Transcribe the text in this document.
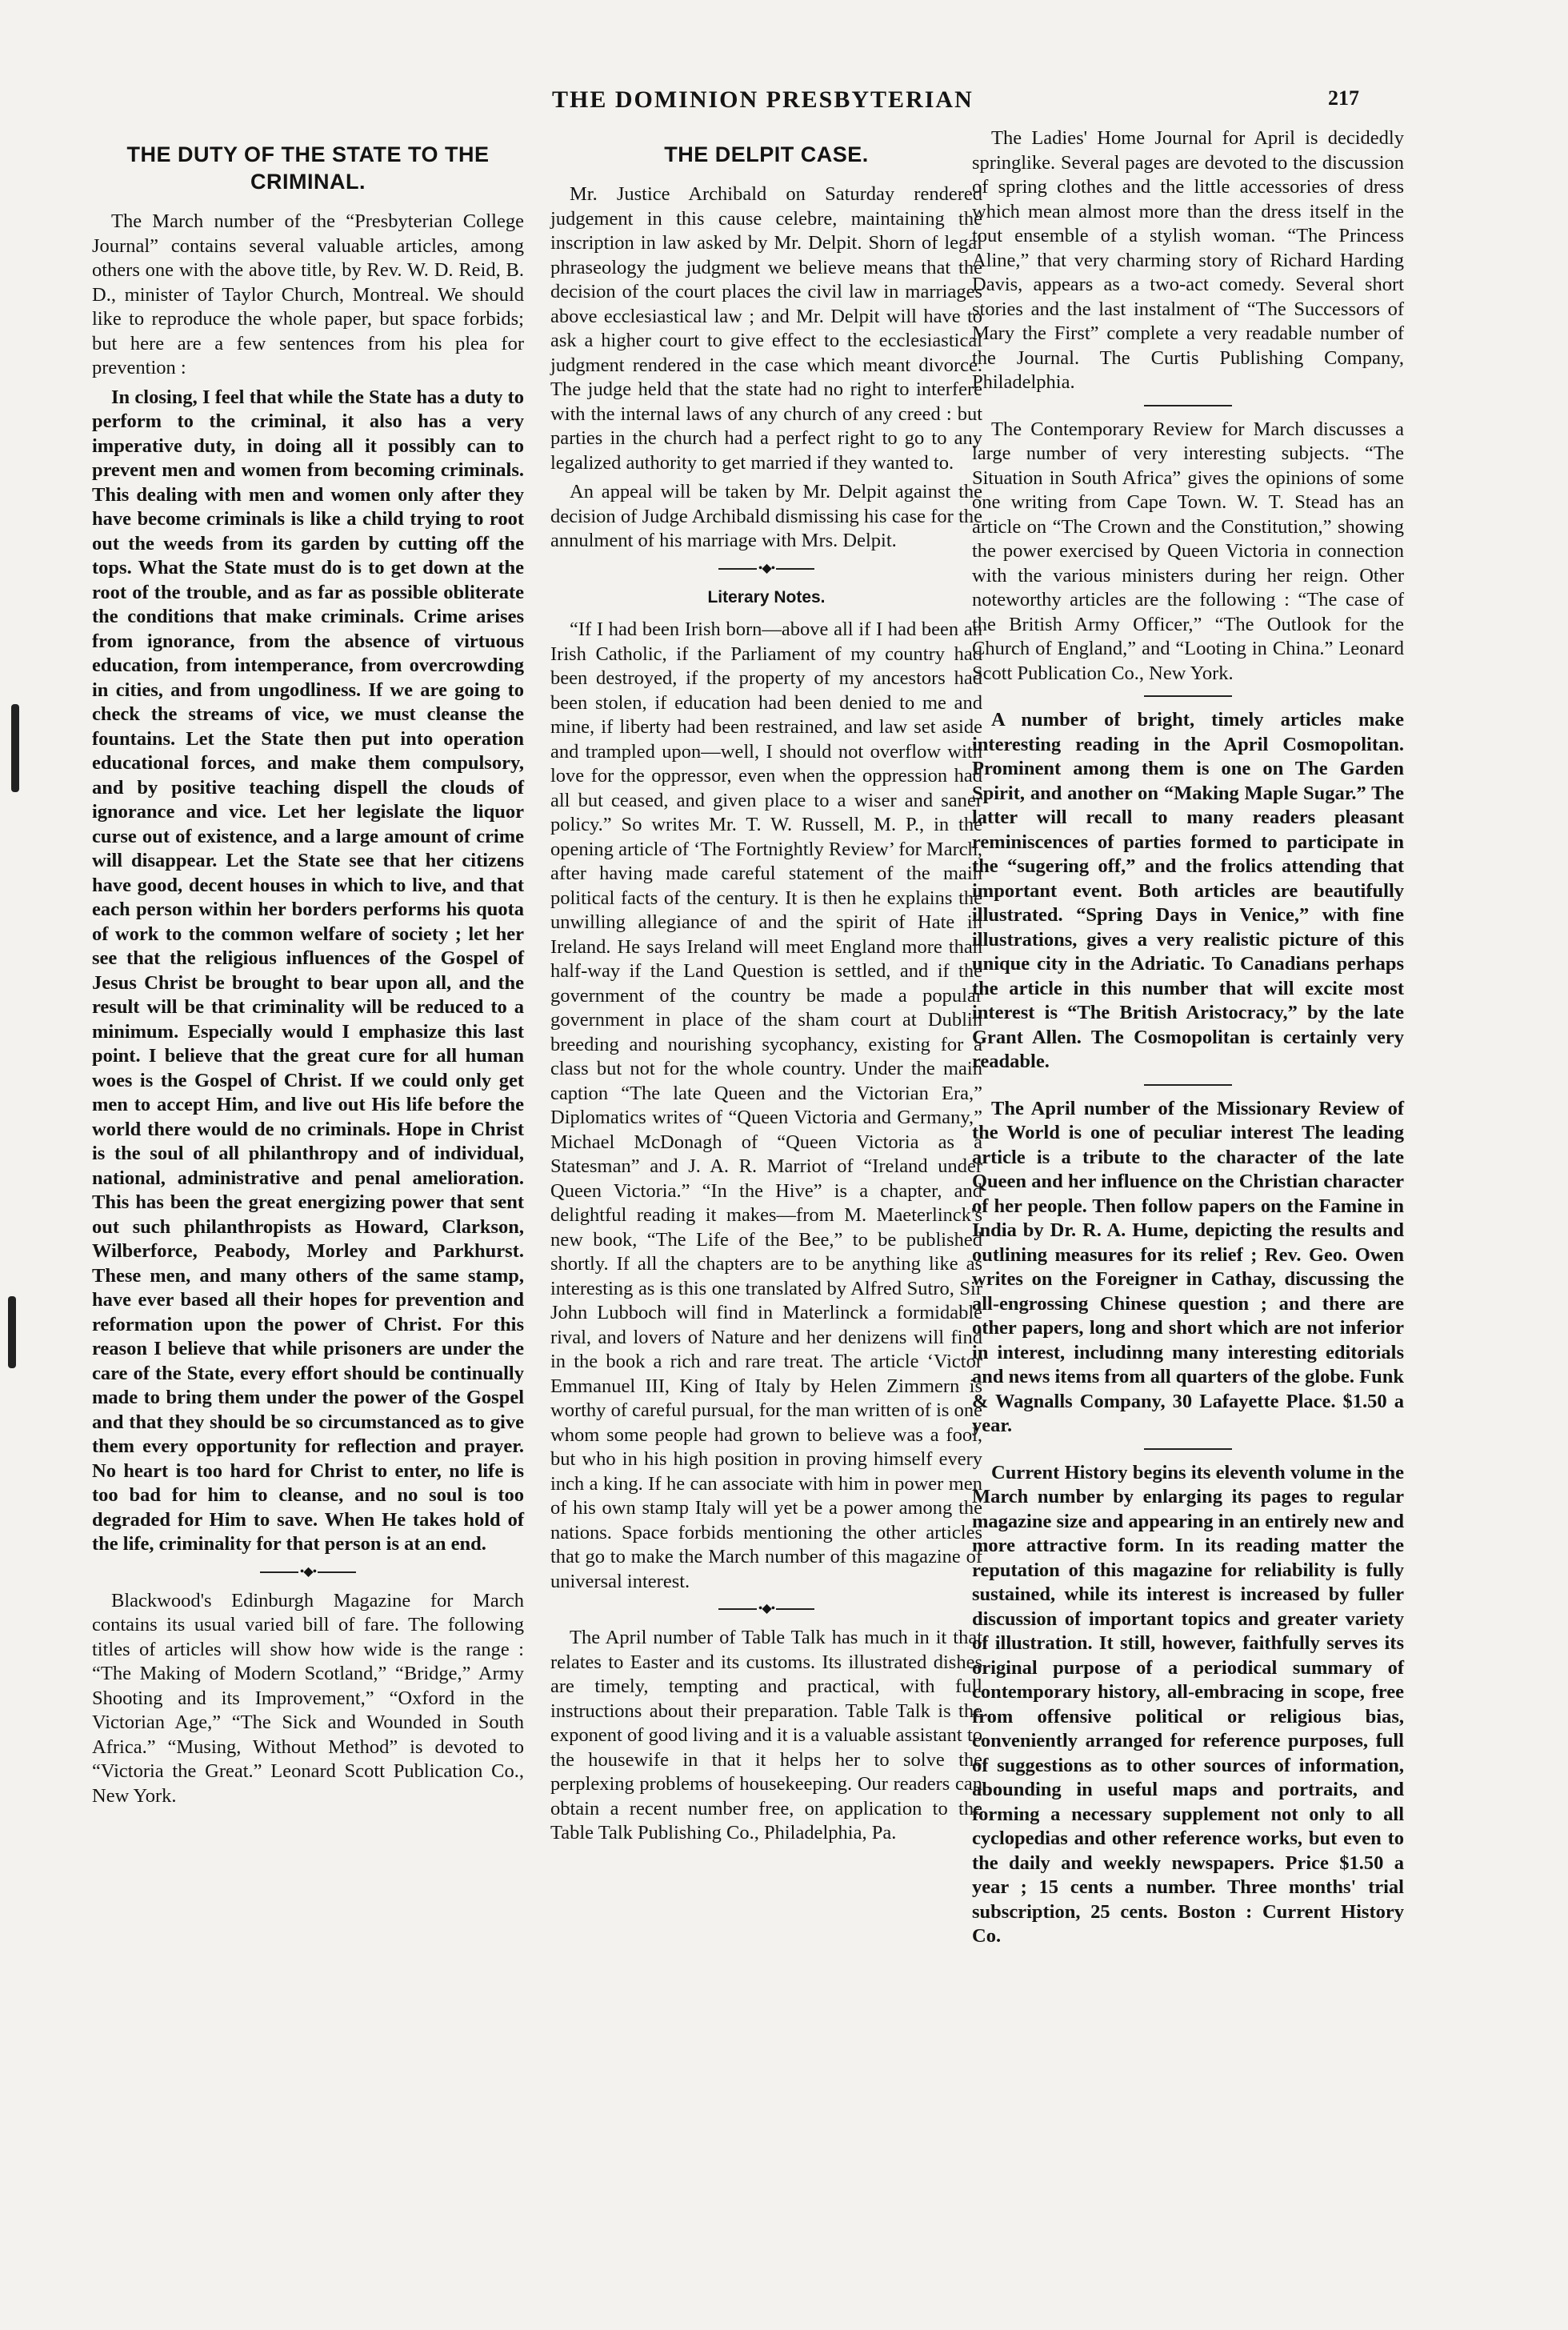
THE DOMINION PRESBYTERIAN	217
THE DUTY OF THE STATE TO THE CRIMINAL.

The March number of the “Presbyterian College Journal” contains several valuable articles, among others one with the above title, by Rev. W. D. Reid, B. D., minister of Taylor Church, Montreal. We should like to reproduce the whole paper, but space forbids; but here are a few sentences from his plea for prevention :

In closing, I feel that while the State has a duty to perform to the criminal, it also has a very imperative duty, in doing all it possibly can to prevent men and women from becoming criminals. This dealing with men and women only after they have become criminals is like a child trying to root out the weeds from its garden by cutting off the tops. What the State must do is to get down at the root of the trouble, and as far as possible obliterate the conditions that make criminals. Crime arises from ignorance, from the absence of virtuous education, from intemperance, from overcrowding in cities, and from ungodliness. If we are going to check the streams of vice, we must cleanse the fountains. Let the State then put into operation educational forces, and make them compulsory, and by positive teaching dispell the clouds of ignorance and vice. Let her legislate the liquor curse out of existence, and a large amount of crime will disappear. Let the State see that her citizens have good, decent houses in which to live, and that each person within her borders performs his quota of work to the common welfare of society ; let her see that the religious influences of the Gospel of Jesus Christ be brought to bear upon all, and the result will be that criminality will be reduced to a minimum. Especially would I emphasize this last point. I believe that the great cure for all human woes is the Gospel of Christ. If we could only get men to accept Him, and live out His life before the world there would de no criminals. Hope in Christ is the soul of all philanthropy and of individual, national, administrative and penal amelioration. This has been the great energizing power that sent out such philanthropists as Howard, Clarkson, Wilberforce, Peabody, Morley and Parkhurst. These men, and many others of the same stamp, have ever based all their hopes for prevention and reformation upon the power of Christ. For this reason I believe that while prisoners are under the care of the State, every effort should be continually made to bring them under the power of the Gospel and that they should be so circumstanced as to give them every opportunity for reflection and prayer. No heart is too hard for Christ to enter, no life is too bad for him to cleanse, and no soul is too degraded for Him to save. When He takes hold of the life, criminality for that person is at an end.

•◆•

Blackwood's Edinburgh Magazine for March contains its usual varied bill of fare. The following titles of articles will show how wide is the range : “The Making of Modern Scotland,” “Bridge,” Army Shooting and its Improvement,” “Oxford in the Victorian Age,” “The Sick and Wounded in South Africa.” “Musing, Without Method” is devoted to “Victoria the Great.” Leonard Scott Publication Co., New York.

THE DELPIT CASE.

Mr. Justice Archibald on Saturday rendered judgement in this cause celebre, maintaining the inscription in law asked by Mr. Delpit. Shorn of legal phraseology the judgment we believe means that the decision of the court places the civil law in marriages above ecclesiastical law ; and Mr. Delpit will have to ask a higher court to give effect to the ecclesiastical judgment rendered in the case which meant divorce. The judge held that the state had no right to interfere with the internal laws of any church of any creed : but parties in the church had a perfect right to go to any legalized authority to get married if they wanted to.

An appeal will be taken by Mr. Delpit against the decision of Judge Archibald dismissing his case for the annulment of his marriage with Mrs. Delpit.

•◆•
Literary Notes.

“If I had been Irish born—above all if I had been an Irish Catholic, if the Parliament of my country had been destroyed, if the property of my ancestors had been stolen, if education had been denied to me and mine, if liberty had been restrained, and law set aside and trampled upon—well, I should not overflow with love for the oppressor, even when the oppression had all but ceased, and given place to a wiser and saner policy.” So writes Mr. T. W. Russell, M. P., in the opening article of ‘The Fortnightly Review’ for March, after having made careful statement of the main political facts of the century. It is then he explains the unwilling allegiance of and the spirit of Hate in Ireland. He says Ireland will meet England more than half-way if the Land Question is settled, and if the government of the country be made a popular government in place of the sham court at Dublin breeding and nourishing sycophancy, existing for a class but not for the whole country. Under the main caption “The late Queen and the Victorian Era,” Diplomatics writes of “Queen Victoria and Germany,” Michael McDonagh of “Queen Victoria as a Statesman” and J. A. R. Marriot of “Ireland under Queen Victoria.” “In the Hive” is a chapter, and delightful reading it makes—from M. Maeterlinck's new book, “The Life of the Bee,” to be published shortly. If all the chapters are to be anything like as interesting as is this one translated by Alfred Sutro, Sir John Lubboch will find in Materlinck a formidable rival, and lovers of Nature and her denizens will find in the book a rich and rare treat. The article ‘Victor Emmanuel III, King of Italy by Helen Zimmern is worthy of careful pursual, for the man written of is one whom some people had grown to believe was a fool, but who in his high position in proving himself every inch a king. If he can associate with him in power men of his own stamp Italy will yet be a power among the nations. Space forbids mentioning the other articles that go to make the March number of this magazine of universal interest.

•◆•

The April number of Table Talk has much in it that relates to Easter and its customs. Its illustrated dishes are timely, tempting and practical, with full instructions about their preparation. Table Talk is the exponent of good living and it is a valuable assistant to the housewife in that it helps her to solve the perplexing problems of housekeeping. Our readers can obtain a recent number free, on application to the Table Talk Publishing Co., Philadelphia, Pa.

The Ladies' Home Journal for April is decidedly springlike. Several pages are devoted to the discussion of spring clothes and the little accessories of dress which mean almost more than the dress itself in the tout ensemble of a stylish woman. “The Princess Aline,” that very charming story of Richard Harding Davis, appears as a two-act comedy. Several short stories and the last instalment of “The Successors of Mary the First” complete a very readable number of the Journal. The Curtis Publishing Company, Philadelphia.

The Contemporary Review for March discusses a large number of very interesting subjects. “The Situation in South Africa” gives the opinions of some one writing from Cape Town. W. T. Stead has an article on “The Crown and the Constitution,” showing the power exercised by Queen Victoria in connection with the various ministers during her reign. Other noteworthy articles are the following : “The case of the British Army Officer,” “The Outlook for the Church of England,” and “Looting in China.” Leonard Scott Publication Co., New York.

A number of bright, timely articles make interesting reading in the April Cosmopolitan. Prominent among them is one on The Garden Spirit, and another on “Making Maple Sugar.” The latter will recall to many readers pleasant reminiscences of parties formed to participate in the “sugering off,” and the frolics attending that important event. Both articles are beautifully illustrated. “Spring Days in Venice,” with fine illustrations, gives a very realistic picture of this unique city in the Adriatic. To Canadians perhaps the article in this number that will excite most interest is “The British Aristocracy,” by the late Grant Allen. The Cosmopolitan is certainly very readable.

The April number of the Missionary Review of the World is one of peculiar interest The leading article is a tribute to the character of the late Queen and her influence on the Christian character of her people. Then follow papers on the Famine in India by Dr. R. A. Hume, depicting the results and outlining measures for its relief ; Rev. Geo. Owen writes on the Foreigner in Cathay, discussing the all-engrossing Chinese question ; and there are other papers, long and short which are not inferior in interest, includinng many interesting editorials and news items from all quarters of the globe. Funk & Wagnalls Company, 30 Lafayette Place. $1.50 a year.

Current History begins its eleventh volume in the March number by enlarging its pages to regular magazine size and appearing in an entirely new and more attractive form. In its reading matter the reputation of this magazine for reliability is fully sustained, while its interest is increased by fuller discussion of important topics and greater variety of illustration. It still, however, faithfully serves its original purpose of a periodical summary of contemporary history, all-embracing in scope, free from offensive political or religious bias, conveniently arranged for reference purposes, full of suggestions as to other sources of information, abounding in useful maps and portraits, and forming a necessary supplement not only to all cyclopedias and other reference works, but even to the daily and weekly newspapers. Price $1.50 a year ; 15 cents a number. Three months' trial subscription, 25 cents. Boston : Current History Co.
